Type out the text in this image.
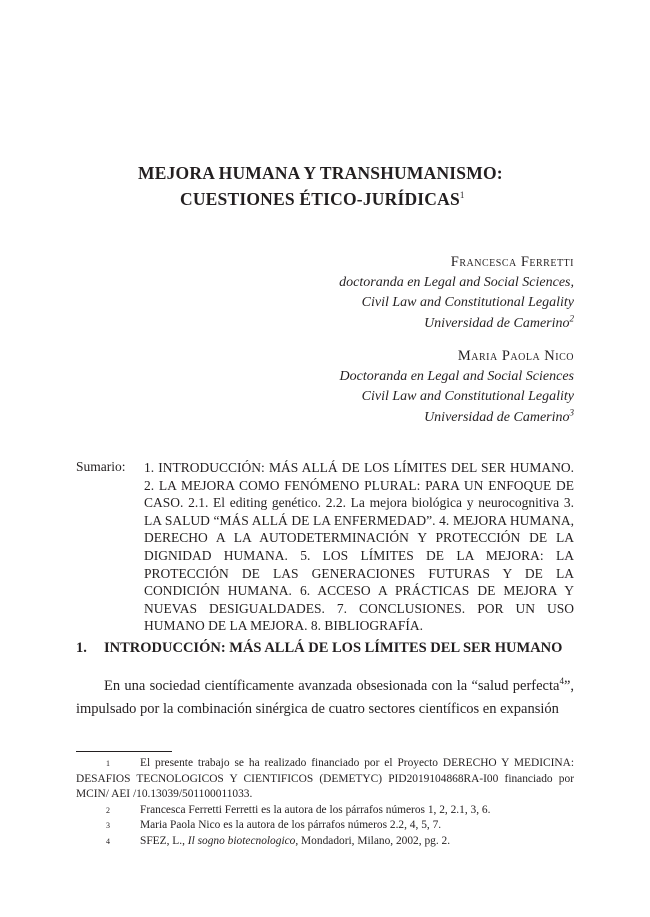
MEJORA HUMANA Y TRANSHUMANISMO:
CUESTIONES ÉTICO-JURÍDICAS$^1$
Francesca Ferretti
doctoranda en Legal and Social Sciences,
Civil Law and Constitutional Legality
Universidad de Camerino$^2$
Maria Paola Nico
Doctoranda en Legal and Social Sciences
Civil Law and Constitutional Legality
Universidad de Camerino$^3$
Sumario: 1. INTRODUCCIÓN: MÁS ALLÁ DE LOS LÍMITES DEL SER HUMANO. 2. LA MEJORA COMO FENÓMENO PLURAL: PARA UN ENFOQUE DE CASO. 2.1. El editing genético. 2.2. La mejora biológica y neurocognitiva 3. LA SALUD “MÁS ALLÁ DE LA ENFERMEDAD”. 4. MEJORA HUMANA, DERECHO A LA AUTODETERMINACIÓN Y PROTECCIÓN DE LA DIGNIDAD HUMANA. 5. LOS LÍMITES DE LA MEJORA: LA PROTECCIÓN DE LAS GENERACIONES FUTURAS Y DE LA CONDICIÓN HUMANA. 6. ACCESO A PRÁCTICAS DE MEJORA Y NUEVAS DESIGUALDADES. 7. CONCLUSIONES. POR UN USO HUMANO DE LA MEJORA. 8. BIBLIOGRAFÍA.
1. INTRODUCCIÓN: MÁS ALLÁ DE LOS LÍMITES DEL SER HUMANO
En una sociedad científicamente avanzada obsesionada con la “salud perfecta$^4$”, impulsado por la combinación sinérgica de cuatro sectores científicos en expansión
1	El presente trabajo se ha realizado financiado por el Proyecto DERECHO Y MEDICINA: DESAFIOS TECNOLOGICOS Y CIENTIFICOS (DEMETYC) PID2019104868RA-I00 financiado por MCIN/ AEI /10.13039/501100011033.
2	Francesca Ferretti Ferretti es la autora de los párrafos números 1, 2, 2.1, 3, 6.
3	Maria Paola Nico es la autora de los párrafos números 2.2, 4, 5, 7.
4	SFEZ, L., Il sogno biotecnologico, Mondadori, Milano, 2002, pg. 2.
